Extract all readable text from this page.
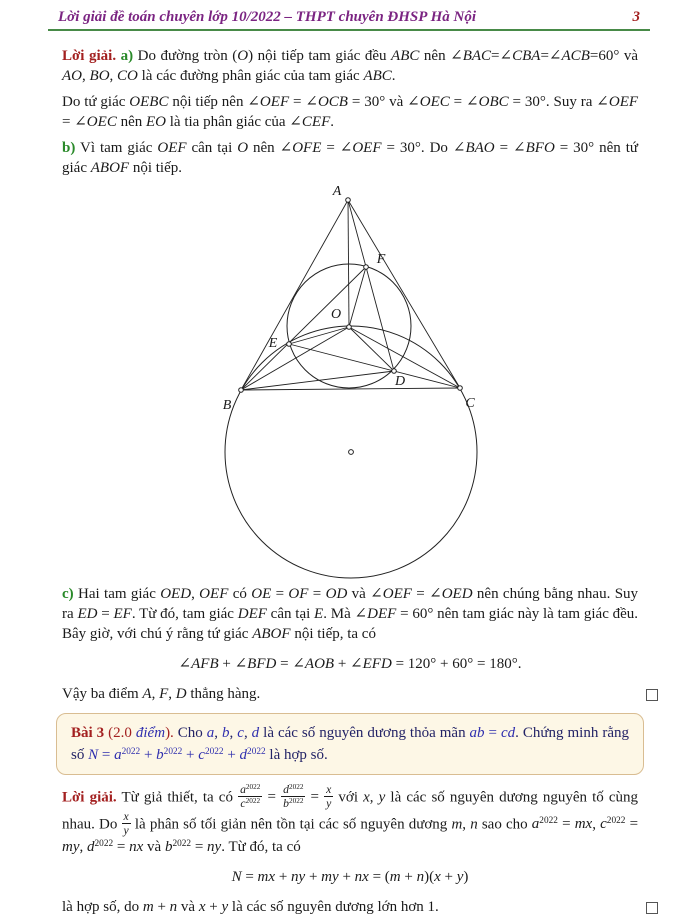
Lời giải đề toán chuyên lớp 10/2022 – THPT chuyên ĐHSP Hà Nội	3
Lời giải. a) Do đường tròn (O) nội tiếp tam giác đều ABC nên ∠BAC=∠CBA=∠ACB=60° và AO, BO, CO là các đường phân giác của tam giác ABC.
Do tứ giác OEBC nội tiếp nên ∠OEF = ∠OCB = 30° và ∠OEC = ∠OBC = 30°. Suy ra ∠OEF = ∠OEC nên EO là tia phân giác của ∠CEF.
b) Vì tam giác OEF cân tại O nên ∠OFE = ∠OEF = 30°. Do ∠BAO = ∠BFO = 30° nên tứ giác ABOF nội tiếp.
A
B	C
D
E
F
O
c) Hai tam giác OED, OEF có OE = OF = OD và ∠OEF = ∠OED nên chúng bằng nhau. Suy ra ED = EF. Từ đó, tam giác DEF cân tại E. Mà ∠DEF = 60° nên tam giác này là tam giác đều. Bây giờ, với chú ý rằng tứ giác ABOF nội tiếp, ta có
∠AFB + ∠BFD = ∠AOB + ∠EFD = 120° + 60° = 180°.
Vậy ba điểm A, F, D thẳng hàng.
Bài 3 (2.0 điểm). Cho a, b, c, d là các số nguyên dương thỏa mãn ab = cd. Chứng minh rằng số $N = a^{2022} + b^{2022} + c^{2022} + d^{2022}$ là hợp số.
Lời giải. Từ giả thiết, ta có $\frac{a^{2022}}{c^{2022}} = \frac{d^{2022}}{b^{2022}} = \frac{x}{y}$ với x, y là các số nguyên dương nguyên tố cùng nhau. Do $\frac{x}{y}$ là phân số tối giản nên tồn tại các số nguyên dương m, n sao cho $a^{2022}$ = mx, $c^{2022}$ = my, $d^{2022}$ = nx và $b^{2022}$ = ny. Từ đó, ta có
N = mx + ny + my + nx = (m + n)(x + y)
là hợp số, do m + n và x + y là các số nguyên dương lớn hơn 1.
